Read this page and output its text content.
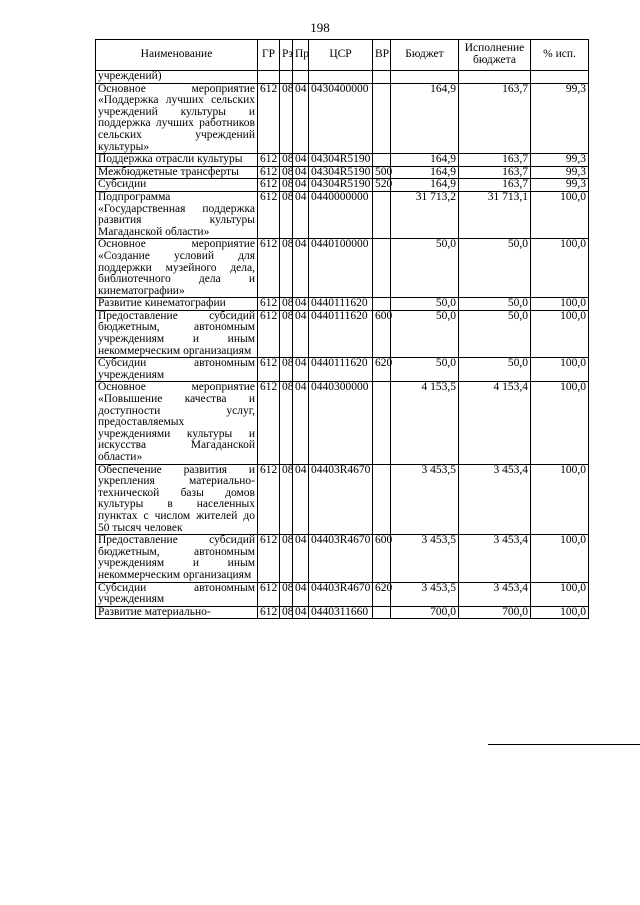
198
Наименование	ГР	Рз	Пр	ЦСР	ВР	Бюджет	Исполнение бюджета	% исп.
учреждений)								
Основное мероприятие «Поддержка лучших сельских учреждений культуры и поддержка лучших работников сельских учреждений культуры»	612	08	04	0430400000		164,9	163,7	99,3
Поддержка отрасли культуры	612	08	04	04304R5190		164,9	163,7	99,3
Межбюджетные трансферты	612	08	04	04304R5190	500	164,9	163,7	99,3
Субсидии	612	08	04	04304R5190	520	164,9	163,7	99,3
Подпрограмма «Государственная поддержка развития культуры Магаданской области»	612	08	04	0440000000		31 713,2	31 713,1	100,0
Основное мероприятие «Создание условий для поддержки музейного дела, библиотечного дела и кинематографии»	612	08	04	0440100000		50,0	50,0	100,0
Развитие кинематографии	612	08	04	0440111620		50,0	50,0	100,0
Предоставление субсидий бюджетным, автономным учреждениям и иным некоммерческим организациям	612	08	04	0440111620	600	50,0	50,0	100,0
Субсидии автономным учреждениям	612	08	04	0440111620	620	50,0	50,0	100,0
Основное мероприятие «Повышение качества и доступности услуг, предоставляемых учреждениями культуры и искусства Магаданской области»	612	08	04	0440300000		4 153,5	4 153,4	100,0
Обеспечение развития и укрепления материально-технической базы домов культуры в населенных пунктах с числом жителей до 50 тысяч человек	612	08	04	04403R4670		3 453,5	3 453,4	100,0
Предоставление субсидий бюджетным, автономным учреждениям и иным некоммерческим организациям	612	08	04	04403R4670	600	3 453,5	3 453,4	100,0
Субсидии автономным учреждениям	612	08	04	04403R4670	620	3 453,5	3 453,4	100,0
Развитие материально-	612	08	04	0440311660		700,0	700,0	100,0
